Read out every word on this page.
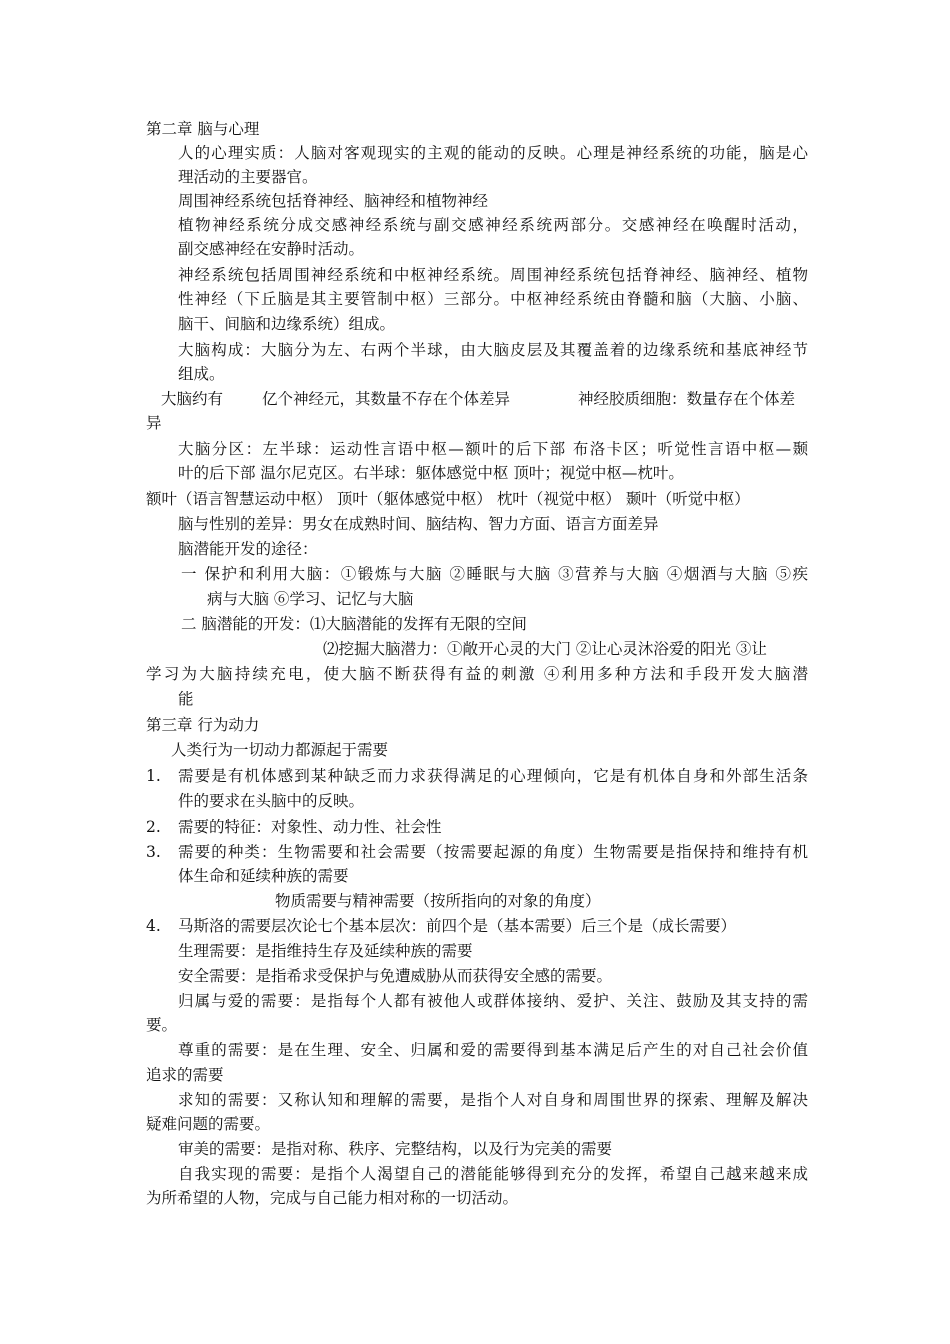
第二章 脑与心理
人的心理实质：人脑对客观现实的主观的能动的反映。心理是神经系统的功能，脑是心
理活动的主要器官。
周围神经系统包括脊神经、脑神经和植物神经
植物神经系统分成交感神经系统与副交感神经系统两部分。交感神经在唤醒时活动，
副交感神经在安静时活动。
神经系统包括周围神经系统和中枢神经系统。周围神经系统包括脊神经、脑神经、植物
性神经（下丘脑是其主要管制中枢）三部分。中枢神经系统由脊髓和脑（大脑、小脑、
脑干、间脑和边缘系统）组成。
大脑构成：大脑分为左、右两个半球，由大脑皮层及其覆盖着的边缘系统和基底神经节
组成。
大脑约有	亿个神经元，其数量不存在个体差异	神经胶质细胞：数量存在个体差
异
大脑分区：左半球：运动性言语中枢—额叶的后下部 布洛卡区；听觉性言语中枢—颞
叶的后下部 温尔尼克区。右半球：躯体感觉中枢 顶叶；视觉中枢—枕叶。
额叶（语言智慧运动中枢） 顶叶（躯体感觉中枢） 枕叶（视觉中枢） 颞叶（听觉中枢）
脑与性别的差异：男女在成熟时间、脑结构、智力方面、语言方面差异
脑潜能开发的途径：
一 保护和利用大脑：①锻炼与大脑 ②睡眠与大脑 ③营养与大脑 ④烟酒与大脑 ⑤疾
病与大脑 ⑥学习、记忆与大脑
二 脑潜能的开发：⑴大脑潜能的发挥有无限的空间
⑵挖掘大脑潜力：①敞开心灵的大门 ②让心灵沐浴爱的阳光 ③让
学习为大脑持续充电，使大脑不断获得有益的刺激 ④利用多种方法和手段开发大脑潜
能
第三章 行为动力
人类行为一切动力都源起于需要
1. 需要是有机体感到某种缺乏而力求获得满足的心理倾向，它是有机体自身和外部生活条
件的要求在头脑中的反映。
2. 需要的特征：对象性、动力性、社会性
3. 需要的种类：生物需要和社会需要（按需要起源的角度）生物需要是指保持和维持有机
体生命和延续种族的需要
物质需要与精神需要（按所指向的对象的角度）
4. 马斯洛的需要层次论七个基本层次：前四个是（基本需要）后三个是（成长需要）
生理需要：是指维持生存及延续种族的需要
安全需要：是指希求受保护与免遭威胁从而获得安全感的需要。
归属与爱的需要：是指每个人都有被他人或群体接纳、爱护、关注、鼓励及其支持的需
要。
尊重的需要：是在生理、安全、归属和爱的需要得到基本满足后产生的对自己社会价值
追求的需要
求知的需要：又称认知和理解的需要，是指个人对自身和周围世界的探索、理解及解决
疑难问题的需要。
审美的需要：是指对称、秩序、完整结构，以及行为完美的需要
自我实现的需要：是指个人渴望自己的潜能能够得到充分的发挥，希望自己越来越来成
为所希望的人物，完成与自己能力相对称的一切活动。
